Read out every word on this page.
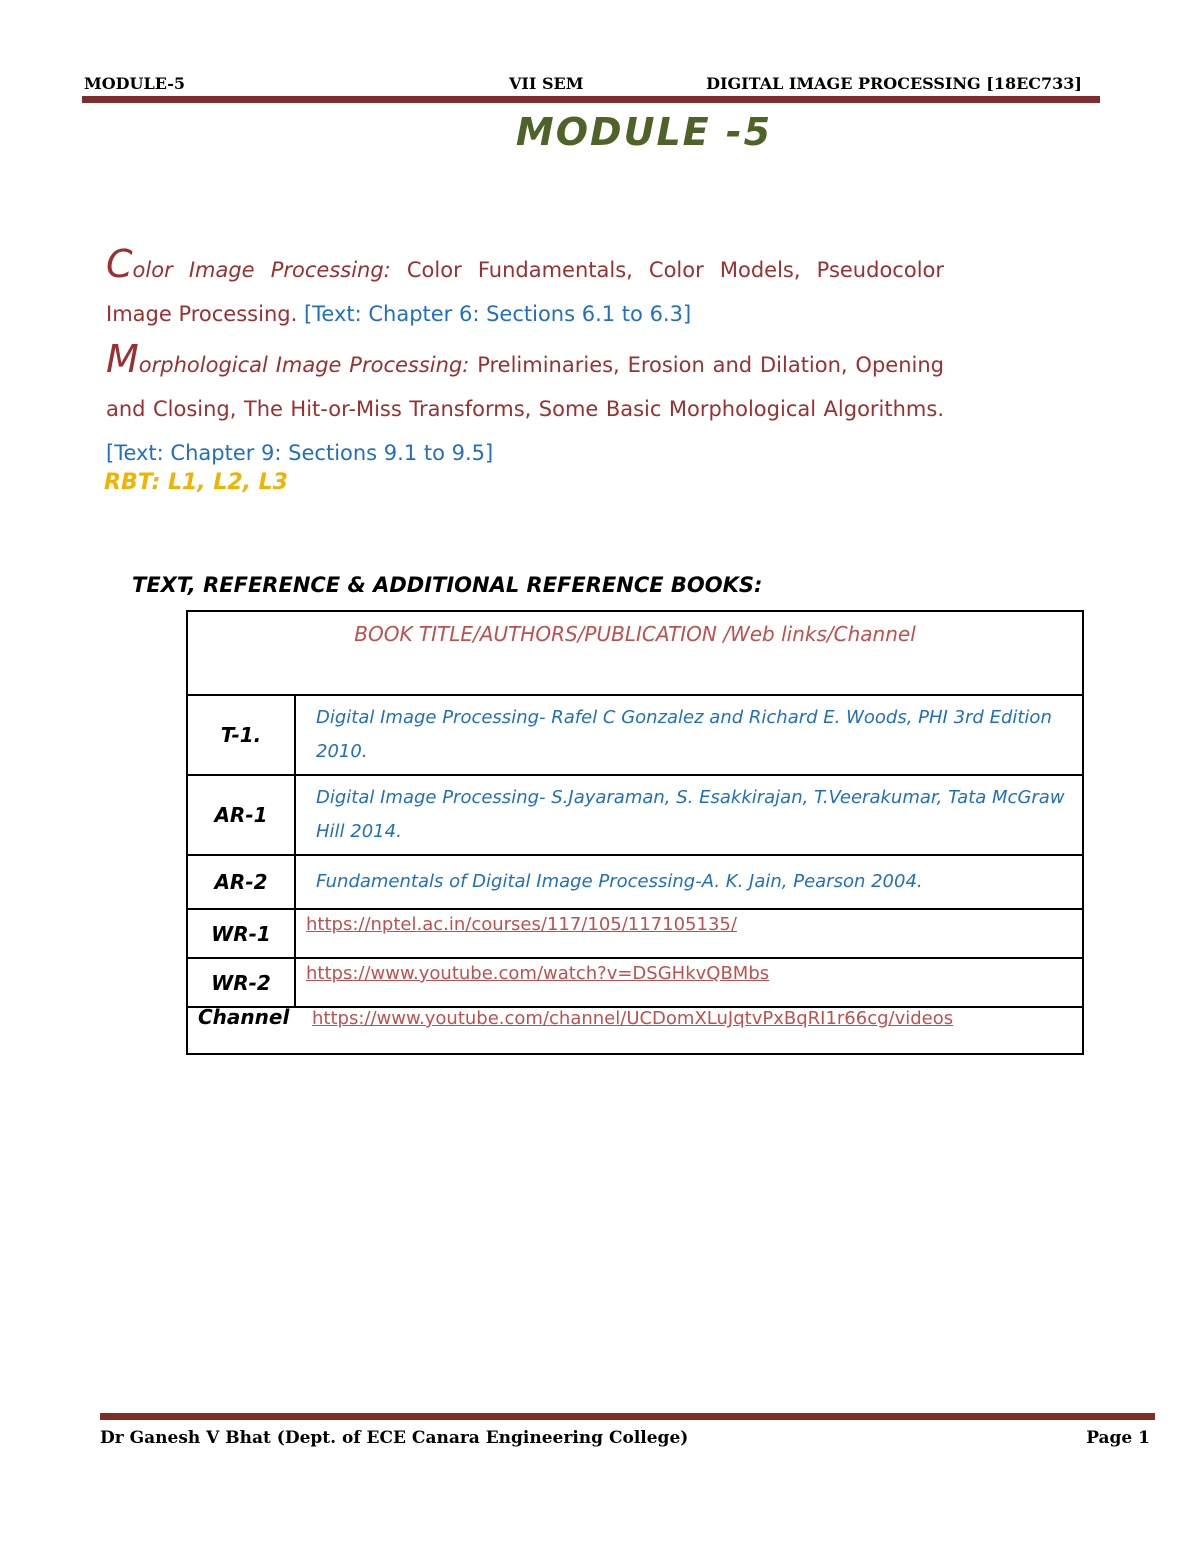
MODULE-5	VII SEM	DIGITAL IMAGE PROCESSING [18EC733]
MODULE -5

Color Image Processing: Color Fundamentals, Color Models, Pseudocolor Image Processing. [Text: Chapter 6: Sections 6.1 to 6.3]

Morphological Image Processing: Preliminaries, Erosion and Dilation, Opening and Closing, The Hit-or-Miss Transforms, Some Basic Morphological Algorithms. [Text: Chapter 9: Sections 9.1 to 9.5]

RBT: L1, L2, L3
TEXT, REFERENCE & ADDITIONAL REFERENCE BOOKS:
BOOK TITLE/AUTHORS/PUBLICATION /Web links/Channel	
T-1.	Digital Image Processing- Rafel C Gonzalez and Richard E. Woods, PHI 3rd Edition 2010.
AR-1	Digital Image Processing- S.Jayaraman, S. Esakkirajan, T.Veerakumar, Tata McGraw Hill 2014.
AR-2	Fundamentals of Digital Image Processing-A. K. Jain, Pearson 2004.
WR-1	https://nptel.ac.in/courses/117/105/117105135/
WR-2	https://www.youtube.com/watch?v=DSGHkvQBMbs

Channel https://www.youtube.com/channel/UCDomXLuJqtvPxBqRI1r66cg/videos
Dr Ganesh V Bhat (Dept. of ECE Canara Engineering College)	Page 1
